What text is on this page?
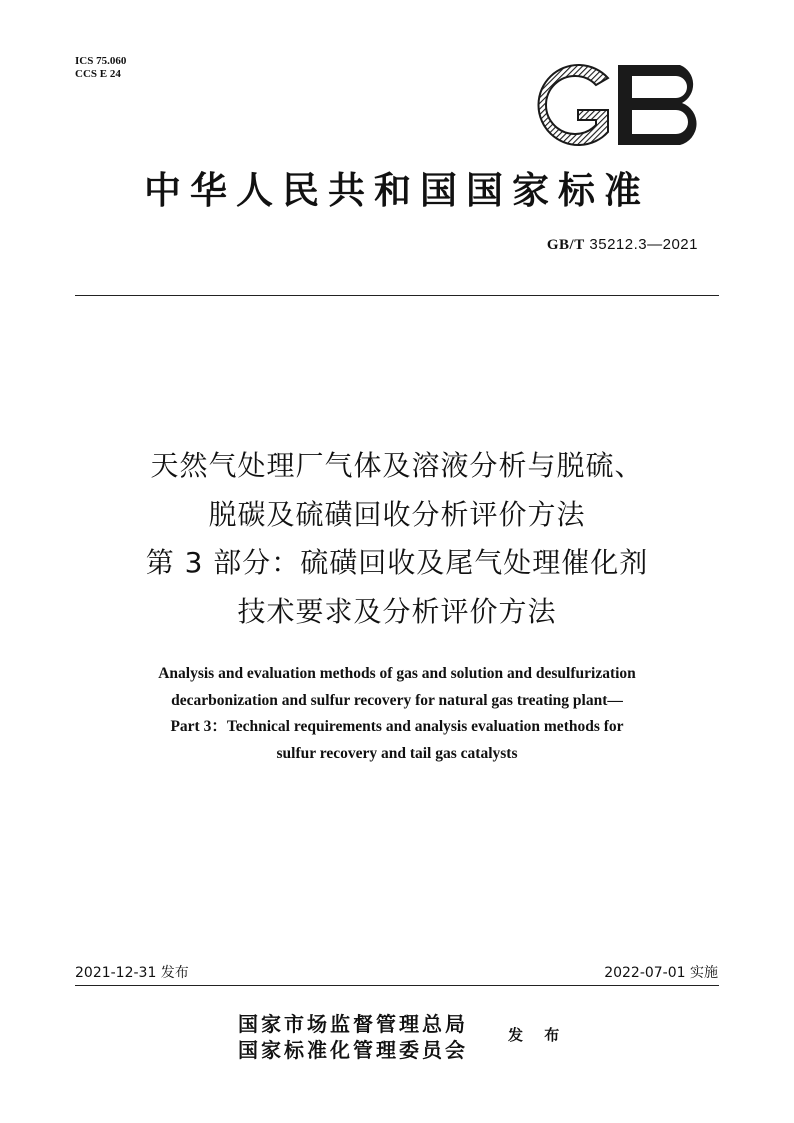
ICS 75.060
CCS E 24
中华人民共和国国家标准
GB/T 35212.3—2021
天然气处理厂气体及溶液分析与脱硫、
脱碳及硫磺回收分析评价方法
第 3 部分：硫磺回收及尾气处理催化剂
技术要求及分析评价方法
Analysis and evaluation methods of gas and solution and desulfurization
decarbonization and sulfur recovery for natural gas treating plant—
Part 3：Technical requirements and analysis evaluation methods for
sulfur recovery and tail gas catalysts
2021-12-31 发布	2022-07-01 实施
国家市场监督管理总局
国家标准化管理委员会
发 布
